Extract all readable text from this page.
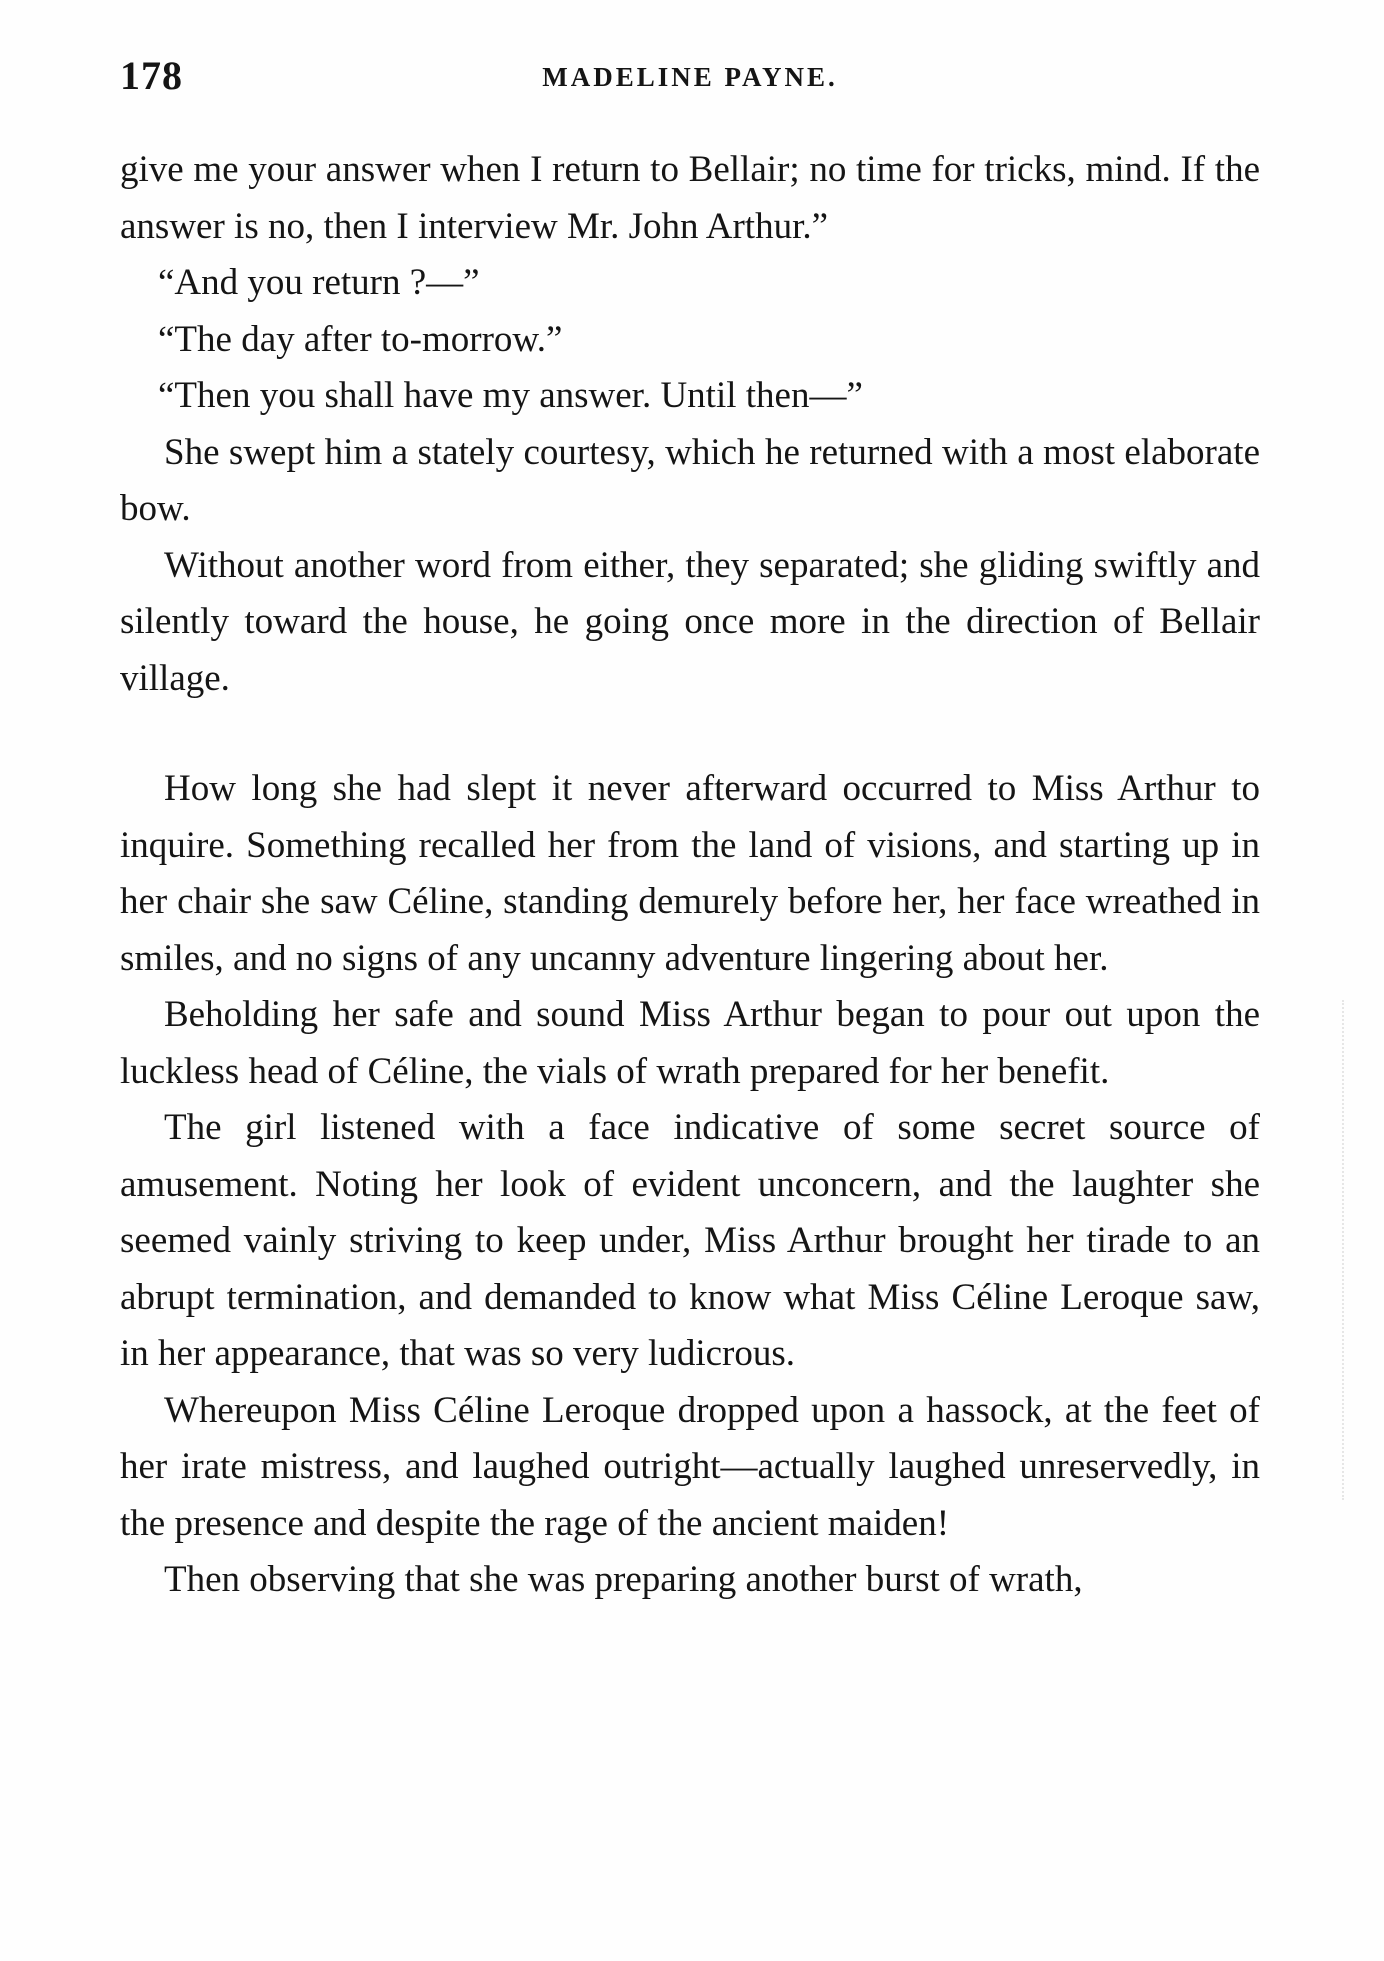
178	MADELINE PAYNE.

give me your answer when I return to Bellair; no time for tricks, mind. If the answer is no, then I interview Mr. John Arthur.”

“And you return ?—”

“The day after to-morrow.”

“Then you shall have my answer. Until then—”

She swept him a stately courtesy, which he returned with a most elaborate bow.

Without another word from either, they separated; she gliding swiftly and silently toward the house, he going once more in the direction of Bellair village.

How long she had slept it never afterward occurred to Miss Arthur to inquire. Something recalled her from the land of visions, and starting up in her chair she saw Céline, standing demurely before her, her face wreathed in smiles, and no signs of any uncanny adventure lingering about her.

Beholding her safe and sound Miss Arthur began to pour out upon the luckless head of Céline, the vials of wrath prepared for her benefit.

The girl listened with a face indicative of some secret source of amusement. Noting her look of evident unconcern, and the laughter she seemed vainly striving to keep under, Miss Arthur brought her tirade to an abrupt termination, and demanded to know what Miss Céline Leroque saw, in her appearance, that was so very ludicrous.

Whereupon Miss Céline Leroque dropped upon a hassock, at the feet of her irate mistress, and laughed outright—actually laughed unreservedly, in the presence and despite the rage of the ancient maiden!

Then observing that she was preparing another burst of wrath,
